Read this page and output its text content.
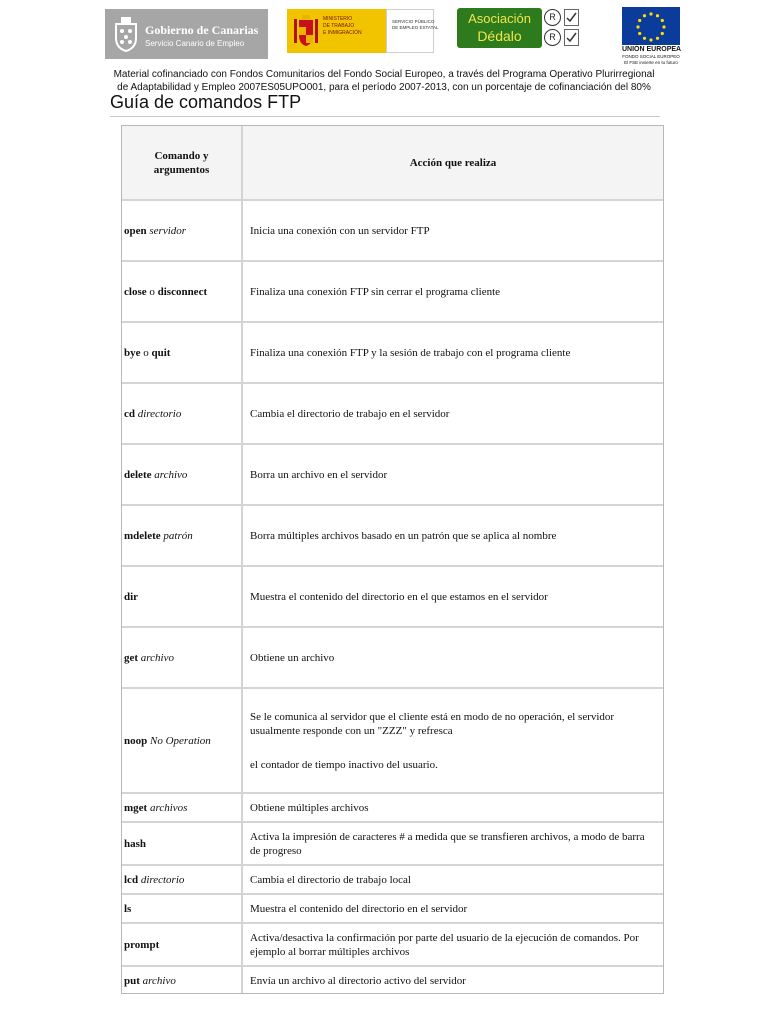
Gobierno de Canarias
Servicio Canario de Empleo
MINISTERIO
DE TRABAJO
E INMIGRACIÓN
SERVICIO PÚBLICO
DE EMPLEO ESTATAL
Asociación
Dédalo
R
R
UNIÓN EUROPEA
FONDO SOCIAL EUROPEO
El FSE invierte en tu futuro
Material cofinanciado con Fondos Comunitarios del Fondo Social Europeo, a través del Programa Operativo Plurirregional
de Adaptabilidad y Empleo 2007ES05UPO001, para el período 2007-2013, con un porcentaje de cofinanciación del 80%
Guía de comandos FTP
Comando y argumentos	Acción que realiza
open servidor	Inicia una conexión con un servidor FTP

close o disconnect	Finaliza una conexión FTP sin cerrar el programa cliente

bye o quit	Finaliza una conexión FTP y la sesión de trabajo con el programa cliente

cd directorio	Cambia el directorio de trabajo en el servidor

delete archivo	Borra un archivo en el servidor

mdelete patrón	Borra múltiples archivos basado en un patrón que se aplica al nombre

dir	Muestra el contenido del directorio en el que estamos en el servidor

get archivo	Obtiene un archivo

noop No Operation	Se le comunica al servidor que el cliente está en modo de no operación, el servidor usualmente responde con un "ZZZ" y refresca
el contador de tiempo inactivo del usuario.

mget archivos	Obtiene múltiples archivos

hash	Activa la impresión de caracteres # a medida que se transfieren archivos, a modo de barra de progreso

lcd directorio	Cambia el directorio de trabajo local

ls	Muestra el contenido del directorio en el servidor

prompt	Activa/desactiva la confirmación por parte del usuario de la ejecución de comandos. Por ejemplo al borrar múltiples archivos

put archivo	Envía un archivo al directorio activo del servidor
